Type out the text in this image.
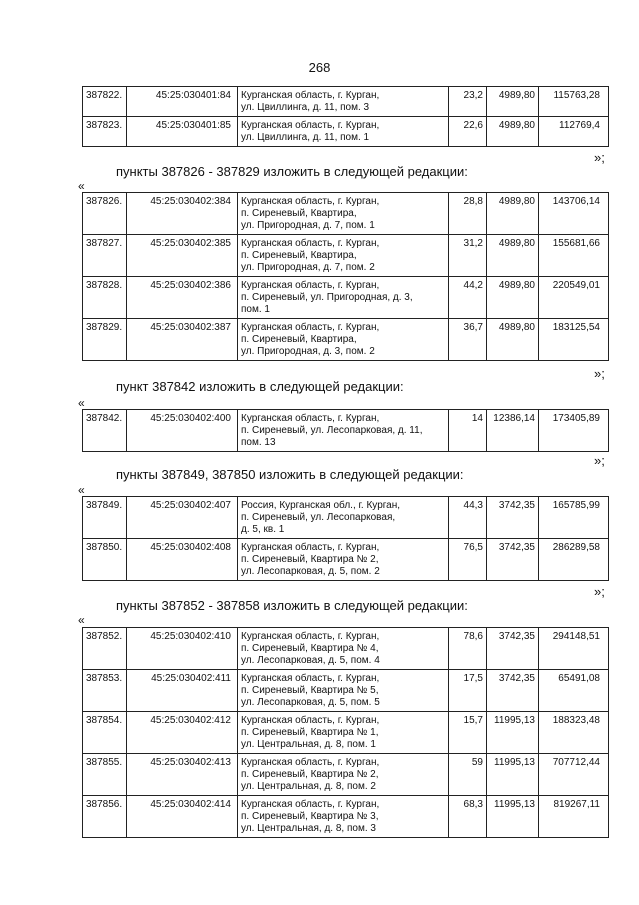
268
387822.	45:25:030401:84	Курганская область, г. Курган,
ул. Цвиллинга, д. 11, пом. 3	23,2	4989,80	115763,28
387823.	45:25:030401:85	Курганская область, г. Курган,
ул. Цвиллинга, д. 11, пом. 1	22,6	4989,80	112769,4
»;
пункты 387826 - 387829 изложить в следующей редакции:
«
387826.	45:25:030402:384	Курганская область, г. Курган,
п. Сиреневый, Квартира,
ул. Пригородная, д. 7, пом. 1	28,8	4989,80	143706,14
387827.	45:25:030402:385	Курганская область, г. Курган,
п. Сиреневый, Квартира,
ул. Пригородная, д. 7, пом. 2	31,2	4989,80	155681,66
387828.	45:25:030402:386	Курганская область, г. Курган,
п. Сиреневый, ул. Пригородная, д. 3,
пом. 1	44,2	4989,80	220549,01
387829.	45:25:030402:387	Курганская область, г. Курган,
п. Сиреневый, Квартира,
ул. Пригородная, д. 3, пом. 2	36,7	4989,80	183125,54
»;
пункт 387842 изложить в следующей редакции:
«
387842.	45:25:030402:400	Курганская область, г. Курган,
п. Сиреневый, ул. Лесопарковая, д. 11,
пом. 13	14	12386,14	173405,89
»;
пункты 387849, 387850 изложить в следующей редакции:
«
387849.	45:25:030402:407	Россия, Курганская обл., г. Курган,
п. Сиреневый, ул. Лесопарковая,
д. 5, кв. 1	44,3	3742,35	165785,99
387850.	45:25:030402:408	Курганская область, г. Курган,
п. Сиреневый, Квартира № 2,
ул. Лесопарковая, д. 5, пом. 2	76,5	3742,35	286289,58
»;
пункты 387852 - 387858 изложить в следующей редакции:
«
387852.	45:25:030402:410	Курганская область, г. Курган,
п. Сиреневый, Квартира № 4,
ул. Лесопарковая, д. 5, пом. 4	78,6	3742,35	294148,51
387853.	45:25:030402:411	Курганская область, г. Курган,
п. Сиреневый, Квартира № 5,
ул. Лесопарковая, д. 5, пом. 5	17,5	3742,35	65491,08
387854.	45:25:030402:412	Курганская область, г. Курган,
п. Сиреневый, Квартира № 1,
ул. Центральная, д. 8, пом. 1	15,7	11995,13	188323,48
387855.	45:25:030402:413	Курганская область, г. Курган,
п. Сиреневый, Квартира № 2,
ул. Центральная, д. 8, пом. 2	59	11995,13	707712,44
387856.	45:25:030402:414	Курганская область, г. Курган,
п. Сиреневый, Квартира № 3,
ул. Центральная, д. 8, пом. 3	68,3	11995,13	819267,11
